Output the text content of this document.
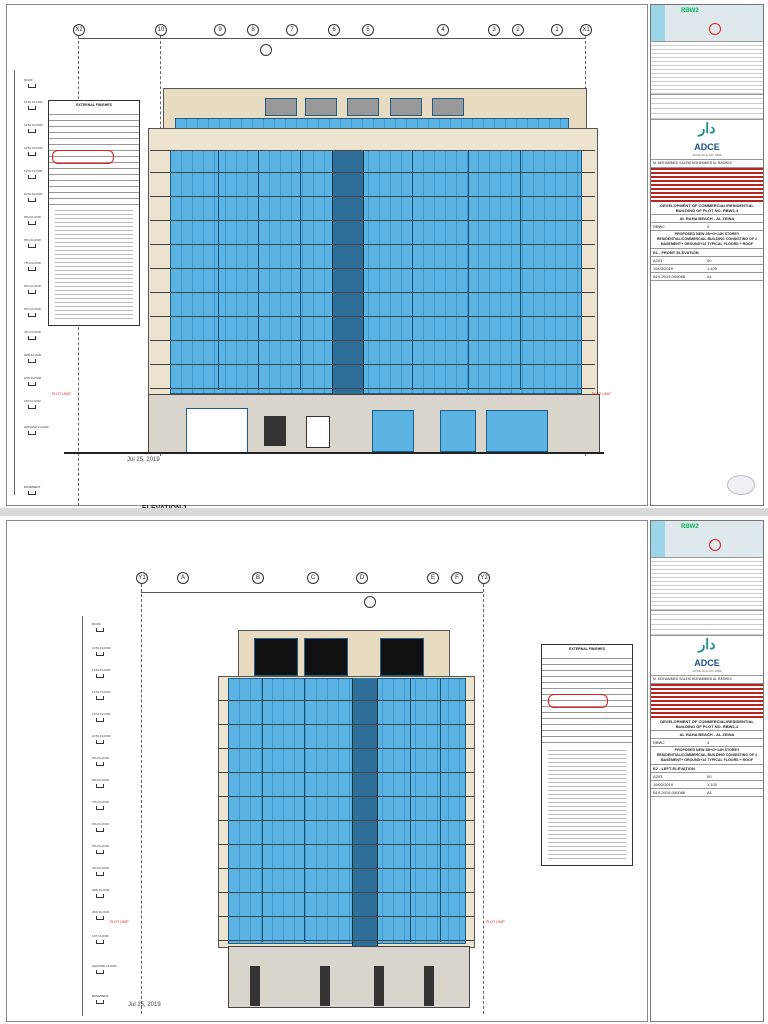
X2	10	9	8	7	6	5	4	3	2	1	X1
ROOF
14TH FLOOR
13TH FLOOR
12TH FLOOR
11TH FLOOR
10TH FLOOR
9TH FLOOR
8TH FLOOR
7TH FLOOR
6TH FLOOR
5TH FLOOR
4TH FLOOR
3RD FLOOR
2ND FLOOR
1ST FLOOR
GROUND FLOOR
BASEMENT
EXTERNAL FINISHES
PLOT LIMIT	PLOT LIMIT
Jul 25, 2019
RBW2
دار
ADCE
ADCE FILE NO. 2686
M. MOHAMMED SALEM MOHAMMED AL RASHIDI
DEVELOPMENT OF COMMERCIAL/RESIDENTIAL BUILDING OF PLOT NO. RBW2-4
AL RAHA BEACH - AL ZEINA
RBW2	4
PROPOSED NEW 2B+G+14H STOREY RESIDENTIAL/COMMERCIAL BUILDING CONSISTING OF 2 BASEMENT+ GROUND+14 TYPICAL FLOORS + ROOF
E1 - FRONT ELEVATION
A203	00
19/03/2019	1:100
B19-2019-000068	A1
Y1	A	B	C	D	E	F	Y2
ROOF
14TH FLOOR
13TH FLOOR
12TH FLOOR
11TH FLOOR
10TH FLOOR
9TH FLOOR
8TH FLOOR
7TH FLOOR
6TH FLOOR
5TH FLOOR
4TH FLOOR
3RD FLOOR
2ND FLOOR
1ST FLOOR
GROUND FLOOR
BASEMENT
EXTERNAL FINISHES
PLOT LIMIT	PLOT LIMIT
Jul 25, 2019
RBW2
دار
ADCE
ADCE FILE NO. 2686
M. MOHAMMED SALEM MOHAMMED AL RASHIDI
DEVELOPMENT OF COMMERCIAL/RESIDENTIAL BUILDING OF PLOT NO. RBW2-4
AL RAHA BEACH - AL ZEINA
RBW2	4
PROPOSED NEW 2B+G+14H STOREY RESIDENTIAL/COMMERCIAL BUILDING CONSISTING OF 2 BASEMENT+ GROUND+14 TYPICAL FLOORS + ROOF
E2 - LEFT ELEVATION
A203	00
19/03/2019	1:100
B19-2019-000068	A1
